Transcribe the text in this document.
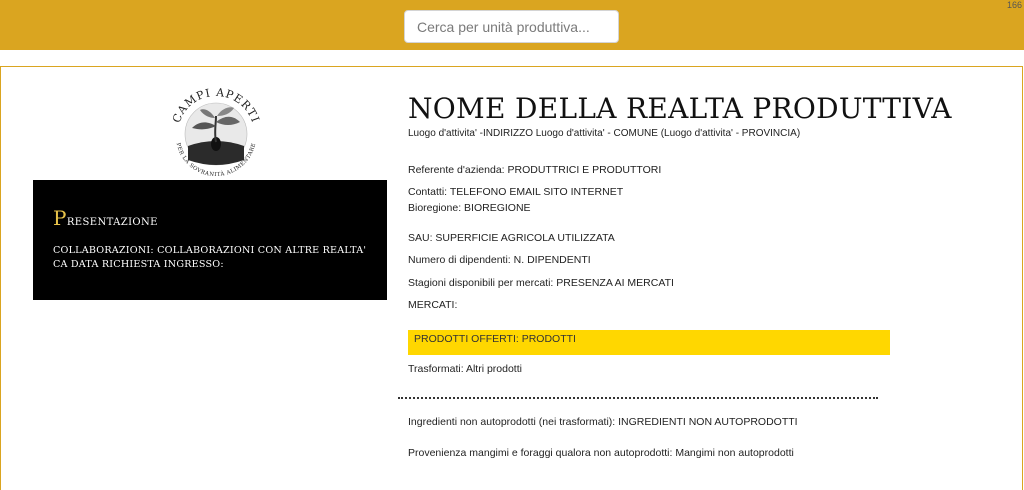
Cerca per unità produttiva...
166
CAMPI APERTI
PER LA SOVRANITÀ ALIMENTARE
PRESENTAZIONE
COLLABORAZIONI: COLLABORAZIONI CON ALTRE REALTA' CA DATA RICHIESTA INGRESSO:
NOME DELLA REALTA PRODUTTIVA
Luogo d'attivita' -INDIRIZZO Luogo d'attivita' - COMUNE (Luogo d'attivita' - PROVINCIA)
Referente d'azienda: PRODUTTRICI E PRODUTTORI
Contatti: TELEFONO EMAIL SITO INTERNET
Bioregione: BIOREGIONE
SAU: SUPERFICIE AGRICOLA UTILIZZATA
Numero di dipendenti: N. DIPENDENTI
Stagioni disponibili per mercati: PRESENZA AI MERCATI
MERCATI:
PRODOTTI OFFERTI: PRODOTTI
Trasformati: Altri prodotti
Ingredienti non autoprodotti (nei trasformati): INGREDIENTI NON AUTOPRODOTTI
Provenienza mangimi e foraggi qualora non autoprodotti: Mangimi non autoprodotti
